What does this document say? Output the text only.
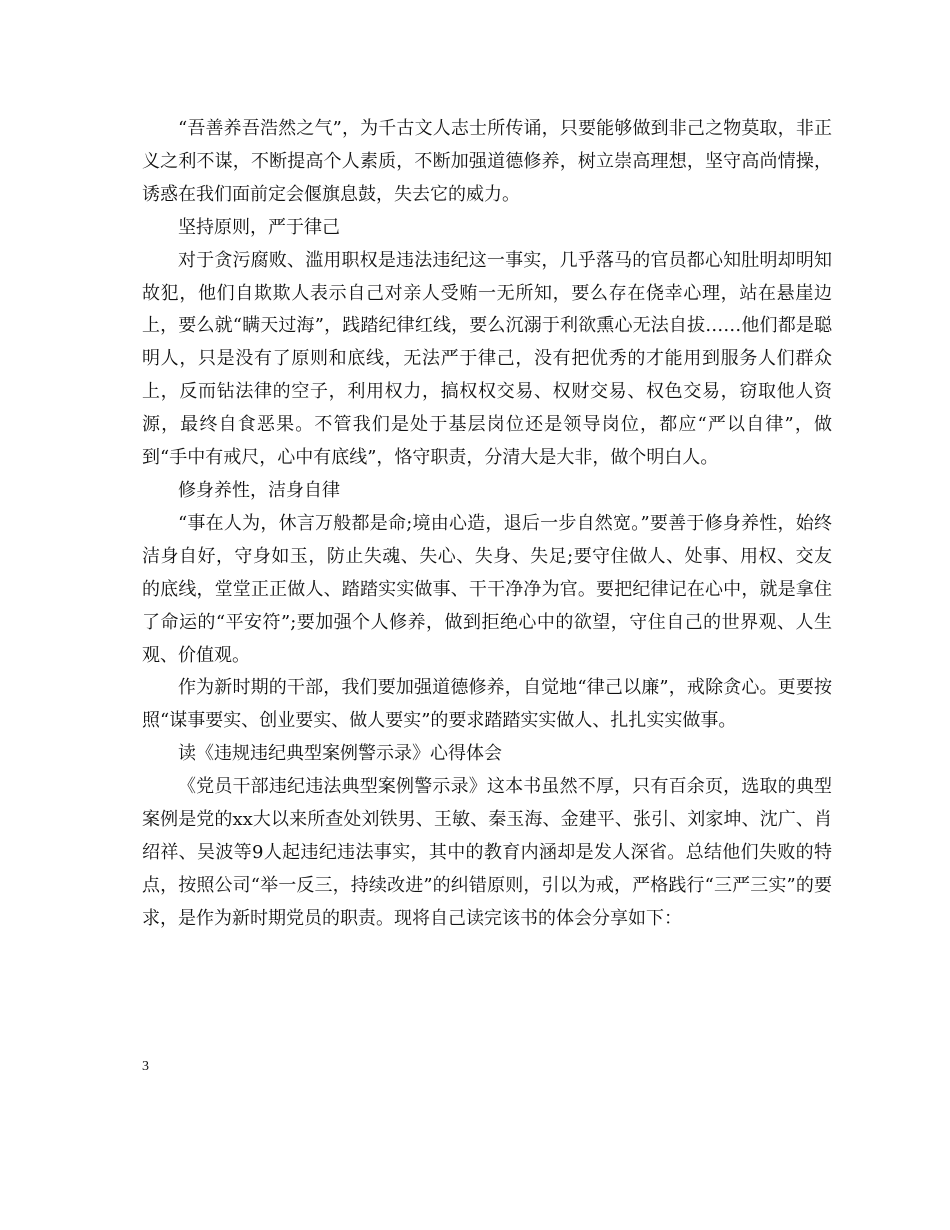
“吾善养吾浩然之气”，为千古文人志士所传诵，只要能够做到非己之物莫取，非正义之利不谋，不断提高个人素质，不断加强道德修养，树立崇高理想，坚守高尚情操，诱惑在我们面前定会偃旗息鼓，失去它的威力。

坚持原则，严于律己

对于贪污腐败、滥用职权是违法违纪这一事实，几乎落马的官员都心知肚明却明知故犯，他们自欺欺人表示自己对亲人受贿一无所知，要么存在侥幸心理，站在悬崖边上，要么就“瞒天过海”，践踏纪律红线，要么沉溺于利欲熏心无法自拔……他们都是聪明人，只是没有了原则和底线，无法严于律己，没有把优秀的才能用到服务人们群众上，反而钻法律的空子，利用权力，搞权权交易、权财交易、权色交易，窃取他人资源，最终自食恶果。不管我们是处于基层岗位还是领导岗位，都应“严以自律”，做到“手中有戒尺，心中有底线”，恪守职责，分清大是大非，做个明白人。

修身养性，洁身自律

“事在人为，休言万般都是命;境由心造，退后一步自然宽。”要善于修身养性，始终洁身自好，守身如玉，防止失魂、失心、失身、失足;要守住做人、处事、用权、交友的底线，堂堂正正做人、踏踏实实做事、干干净净为官。要把纪律记在心中，就是拿住了命运的“平安符”;要加强个人修养，做到拒绝心中的欲望，守住自己的世界观、人生观、价值观。

作为新时期的干部，我们要加强道德修养，自觉地“律己以廉”，戒除贪心。更要按照“谋事要实、创业要实、做人要实”的要求踏踏实实做人、扎扎实实做事。

读《违规违纪典型案例警示录》心得体会

《党员干部违纪违法典型案例警示录》这本书虽然不厚，只有百余页，选取的典型案例是党的xx大以来所查处刘铁男、王敏、秦玉海、金建平、张引、刘家坤、沈广、肖绍祥、吴波等9人起违纪违法事实，其中的教育内涵却是发人深省。总结他们失败的特点，按照公司“举一反三，持续改进”的纠错原则，引以为戒，严格践行“三严三实”的要求，是作为新时期党员的职责。现将自己读完该书的体会分享如下：

3
